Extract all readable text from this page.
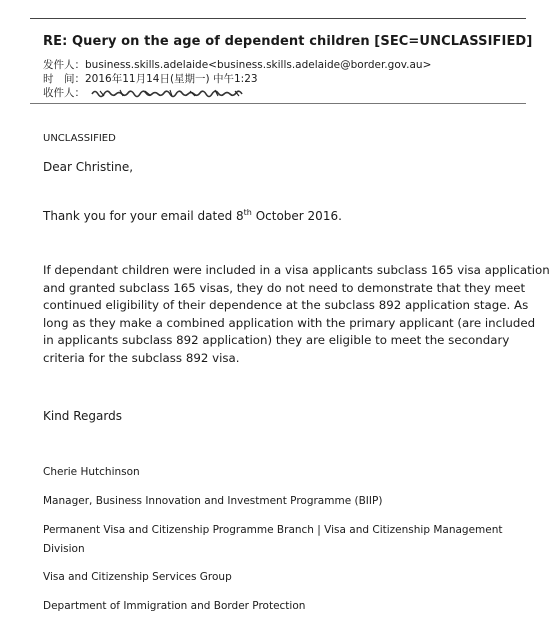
RE: Query on the age of dependent children [SEC=UNCLASSIFIED]
发件人：business.skills.adelaide<business.skills.adelaide@border.gov.au>
时　间：2016年11月14日(星期一) 中午1:23
收件人：
UNCLASSIFIED
Dear Christine,
Thank you for your email dated 8th October 2016.
If dependant children were included in a visa applicants subclass 165 visa application
and granted subclass 165 visas, they do not need to demonstrate that they meet
continued eligibility of their dependence at the subclass 892 application stage. As
long as they make a combined application with the primary applicant (are included
in applicants subclass 892 application) they are eligible to meet the secondary
criteria for the subclass 892 visa.
Kind Regards
Cherie Hutchinson
Manager, Business Innovation and Investment Programme (BIIP)
Permanent Visa and Citizenship Programme Branch | Visa and Citizenship Management
Division
Visa and Citizenship Services Group
Department of Immigration and Border Protection
